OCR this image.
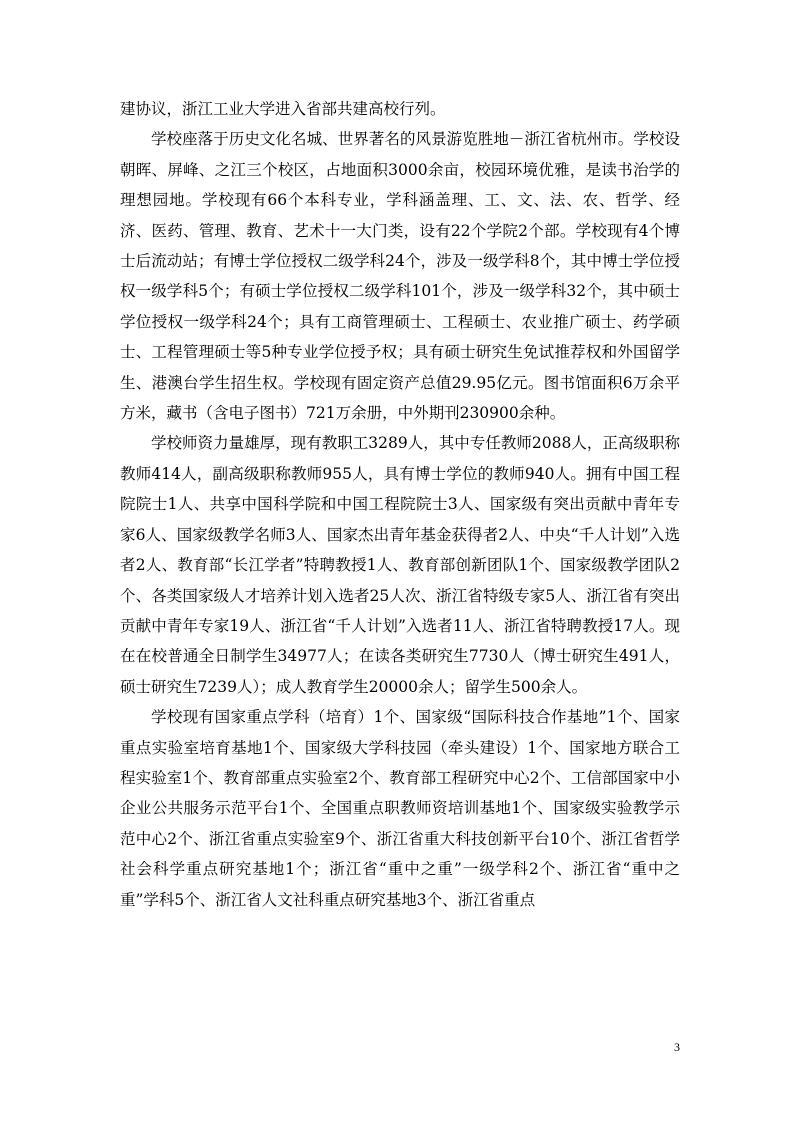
建协议，浙江工业大学进入省部共建高校行列。

学校座落于历史文化名城、世界著名的风景游览胜地－浙江省杭州市。学校设朝晖、屏峰、之江三个校区，占地面积3000余亩，校园环境优雅，是读书治学的理想园地。学校现有66个本科专业，学科涵盖理、工、文、法、农、哲学、经济、医药、管理、教育、艺术十一大门类，设有22个学院2个部。学校现有4个博士后流动站；有博士学位授权二级学科24个，涉及一级学科8个，其中博士学位授权一级学科5个；有硕士学位授权二级学科101个，涉及一级学科32个，其中硕士学位授权一级学科24个；具有工商管理硕士、工程硕士、农业推广硕士、药学硕士、工程管理硕士等5种专业学位授予权；具有硕士研究生免试推荐权和外国留学生、港澳台学生招生权。学校现有固定资产总值29.95亿元。图书馆面积6万余平方米，藏书（含电子图书）721万余册，中外期刊230900余种。

学校师资力量雄厚，现有教职工3289人，其中专任教师2088人，正高级职称教师414人，副高级职称教师955人，具有博士学位的教师940人。拥有中国工程院院士1人、共享中国科学院和中国工程院院士3人、国家级有突出贡献中青年专家6人、国家级教学名师3人、国家杰出青年基金获得者2人、中央“千人计划”入选者2人、教育部“长江学者”特聘教授1人、教育部创新团队1个、国家级教学团队2个、各类国家级人才培养计划入选者25人次、浙江省特级专家5人、浙江省有突出贡献中青年专家19人、浙江省“千人计划”入选者11人、浙江省特聘教授17人。现在在校普通全日制学生34977人；在读各类研究生7730人（博士研究生491人，硕士研究生7239人）；成人教育学生20000余人；留学生500余人。

学校现有国家重点学科（培育）1个、国家级“国际科技合作基地”1个、国家重点实验室培育基地1个、国家级大学科技园（牵头建设）1个、国家地方联合工程实验室1个、教育部重点实验室2个、教育部工程研究中心2个、工信部国家中小企业公共服务示范平台1个、全国重点职教师资培训基地1个、国家级实验教学示范中心2个、浙江省重点实验室9个、浙江省重大科技创新平台10个、浙江省哲学社会科学重点研究基地1个；浙江省“重中之重”一级学科2个、浙江省“重中之重”学科5个、浙江省人文社科重点研究基地3个、浙江省重点

3
